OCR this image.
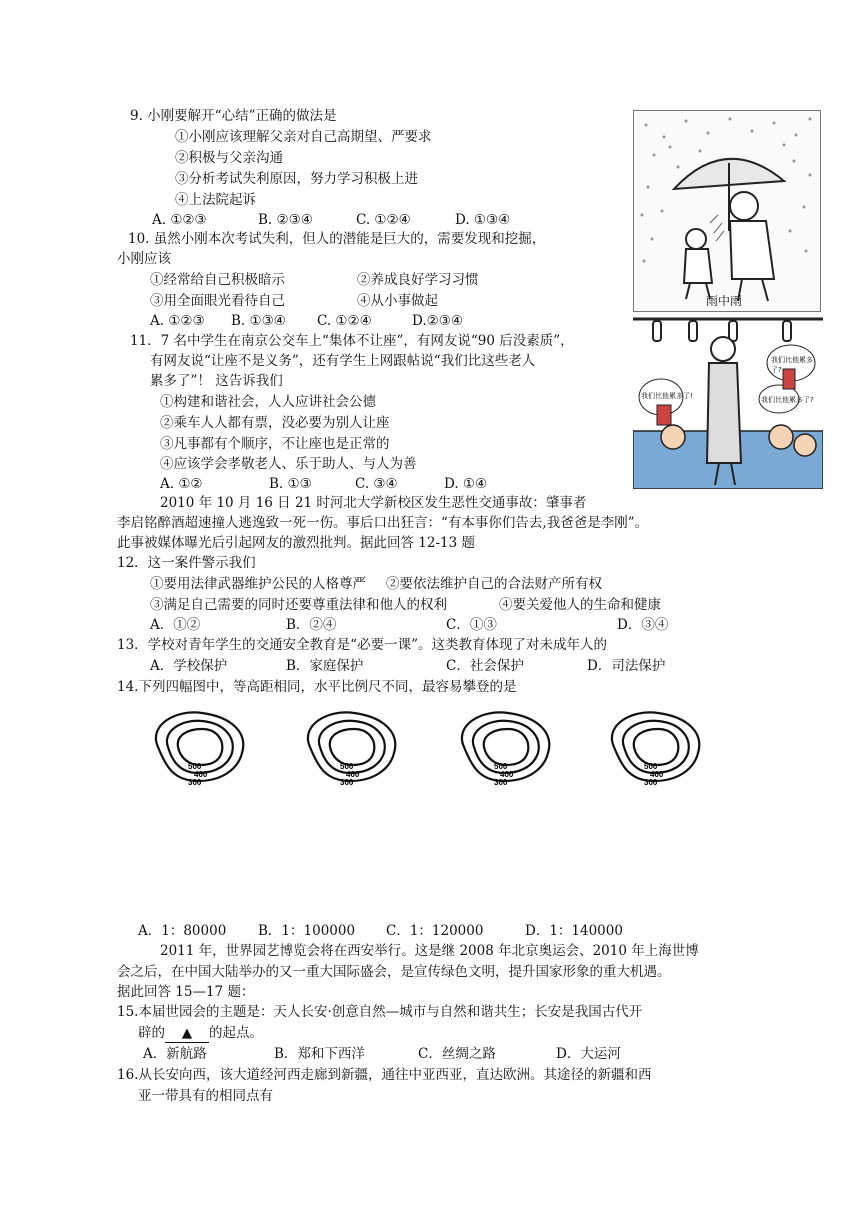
雨中雨
我们比他累多了!
我们比他累多了?
我们比他累多了?
9. 小刚要解开“心结”正确的做法是
①小刚应该理解父亲对自己高期望、严要求
②积极与父亲沟通
③分析考试失利原因，努力学习积极上进
④上法院起诉
A. ①②③	B. ②③④	C. ①②④	D. ①③④
10. 虽然小刚本次考试失利，但人的潜能是巨大的，需要发现和挖掘，
小刚应该
①经常给自己积极暗示	②养成良好学习习惯
③用全面眼光看待自己	④从小事做起
A. ①②③ B. ①③④ C. ①②④	D.②③④
11．7 名中学生在南京公交车上“集体不让座”，有网友说“90 后没素质”，
有网友说“让座不是义务”，还有学生上网跟帖说“我们比这些老人
累多了”！ 这告诉我们
①构建和谐社会，人人应讲社会公德
②乘车人人都有票，没必要为别人让座
③凡事都有个顺序，不让座也是正常的
④应该学会孝敬老人、乐于助人、与人为善
A. ①②	B. ①③	C. ③④	D. ①④
2010 年 10 月 16 日 21 时河北大学新校区发生恶性交通事故：肇事者
李启铭醉酒超速撞人逃逸致一死一伤。事后口出狂言：“有本事你们告去,我爸爸是李刚”。
此事被媒体曝光后引起网友的激烈批判。据此回答 12-13 题
12．这一案件警示我们
①要用法律武器维护公民的人格尊严 ②要依法维护自己的合法财产所有权
③满足自己需要的同时还要尊重法律和他人的权利	④要关爱他人的生命和健康
A．①②	B．②④	C．①③	D．③④
13．学校对青年学生的交通安全教育是“必要一课”。这类教育体现了对未成年人的
A．学校保护	B．家庭保护	C．社会保护	D．司法保护
14.下列四幅图中，等高距相同，水平比例尺不同，最容易攀登的是
500
400
300
500
400
300
500
400
300
500
400
300
A．1：80000 B．1：100000 C．1：120000	D．1：140000
2011 年，世界园艺博览会将在西安举行。这是继 2008 年北京奥运会、2010 年上海世博
会之后，在中国大陆举办的又一重大国际盛会，是宣传绿色文明，提升国家形象的重大机遇。
据此回答 15—17 题：
15.本届世园会的主题是：天人长安·创意自然—城市与自然和谐共生；长安是我国古代开
辟的 ▲ 的起点。
A．新航路	B．郑和下西洋	C．丝绸之路	D．大运河
16.从长安向西，该大道经河西走廊到新疆，通往中亚西亚，直达欧洲。其途径的新疆和西
亚一带具有的相同点有
